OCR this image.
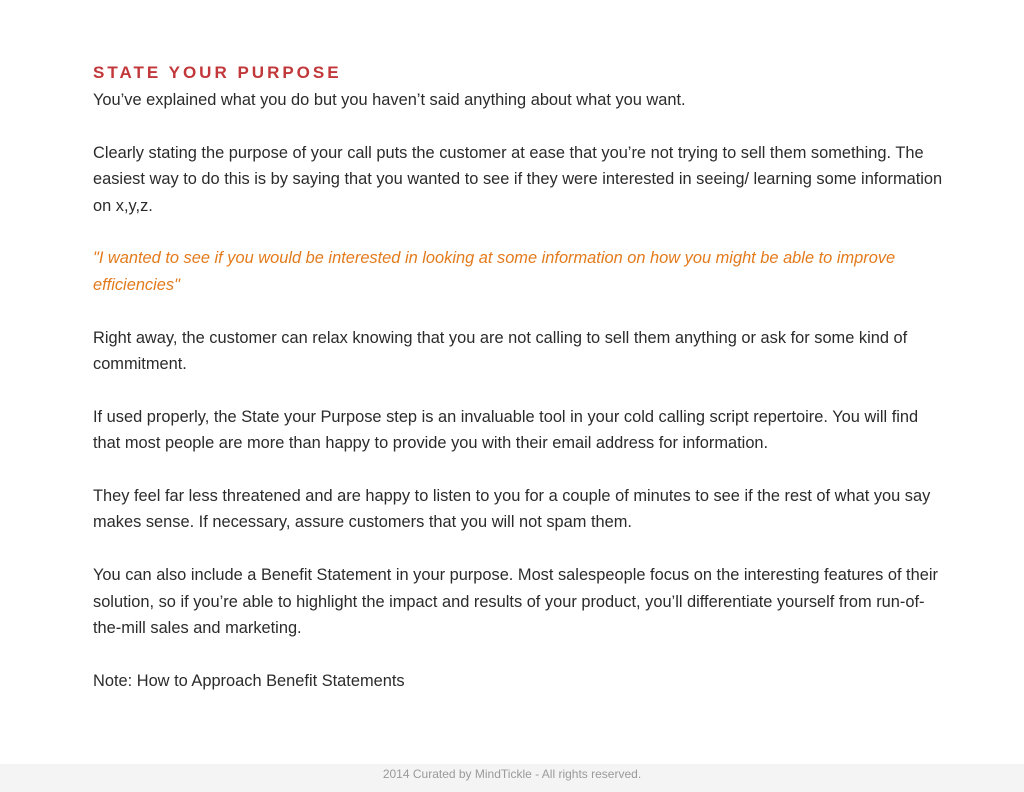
STATE YOUR PURPOSE

You’ve explained what you do but you haven’t said anything about what you want.

Clearly stating the purpose of your call puts the customer at ease that you’re not trying to sell them something. The easiest way to do this is by saying that you wanted to see if they were interested in seeing/ learning some information on x,y,z.

"I wanted to see if you would be interested in looking at some information on how you might be able to improve efficiencies"

Right away, the customer can relax knowing that you are not calling to sell them anything or ask for some kind of commitment.

If used properly, the State your Purpose step is an invaluable tool in your cold calling script repertoire. You will find that most people are more than happy to provide you with their email address for information.

They feel far less threatened and are happy to listen to you for a couple of minutes to see if the rest of what you say makes sense. If necessary, assure customers that you will not spam them.

You can also include a Benefit Statement in your purpose. Most salespeople focus on the interesting features of their solution, so if you’re able to highlight the impact and results of your product, you’ll differentiate yourself from run-of-the-mill sales and marketing.

Note: How to Approach Benefit Statements

2014 Curated by MindTickle - All rights reserved.
